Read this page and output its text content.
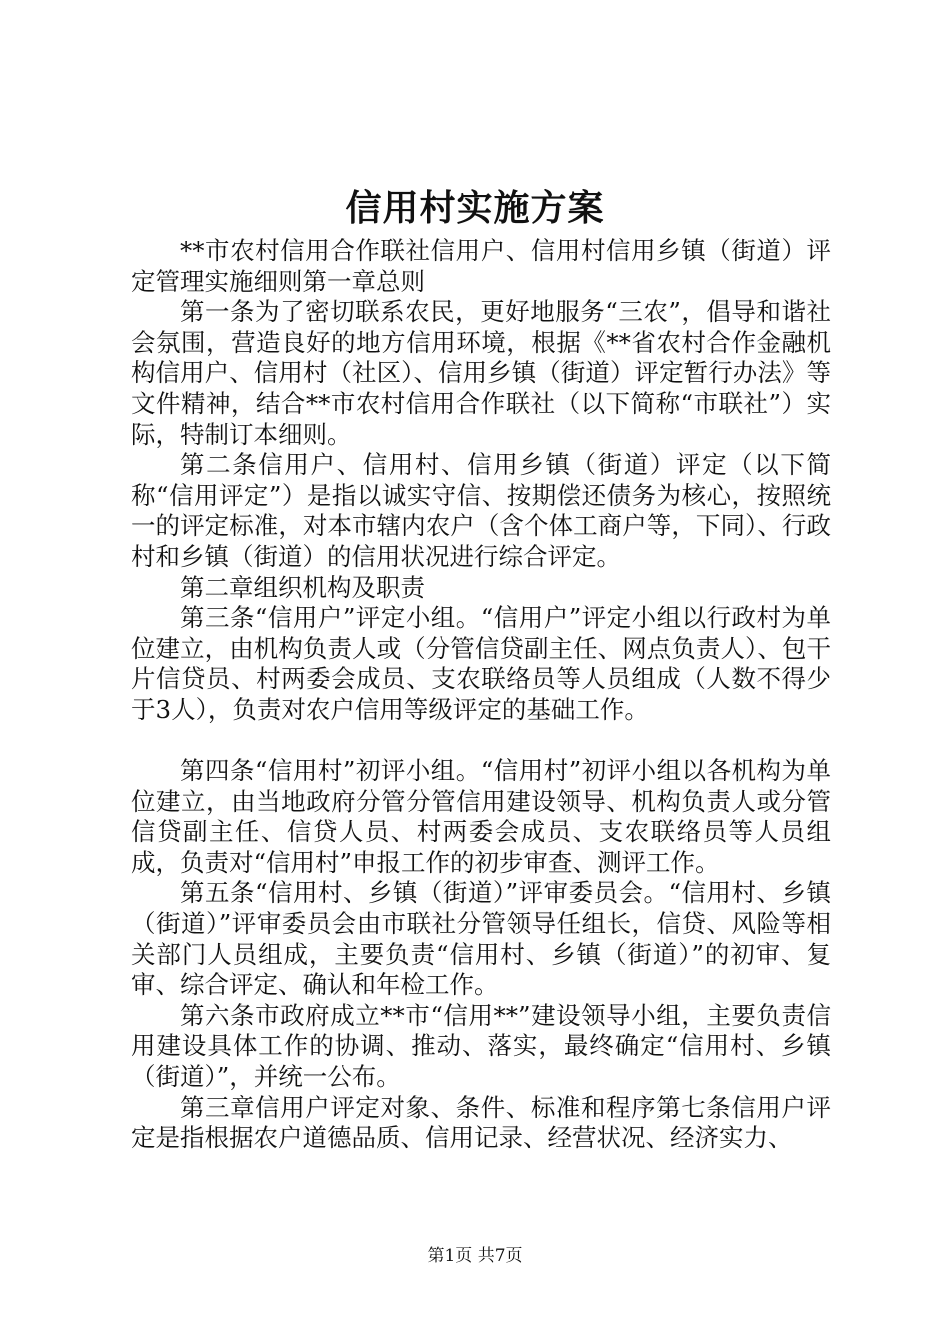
信用村实施方案

**市农村信用合作联社信用户、信用村信用乡镇（街道）评定管理实施细则第一章总则

第一条为了密切联系农民，更好地服务“三农”，倡导和谐社会氛围，营造良好的地方信用环境，根据《**省农村合作金融机构信用户、信用村（社区）、信用乡镇（街道）评定暂行办法》等文件精神，结合**市农村信用合作联社（以下简称“市联社”）实际，特制订本细则。

第二条信用户、信用村、信用乡镇（街道）评定（以下简称“信用评定”）是指以诚实守信、按期偿还债务为核心，按照统一的评定标准，对本市辖内农户（含个体工商户等，下同）、行政村和乡镇（街道）的信用状况进行综合评定。

第二章组织机构及职责

第三条“信用户”评定小组。“信用户”评定小组以行政村为单位建立，由机构负责人或（分管信贷副主任、网点负责人）、包干片信贷员、村两委会成员、支农联络员等人员组成（人数不得少于3人），负责对农户信用等级评定的基础工作。

第四条“信用村”初评小组。“信用村”初评小组以各机构为单位建立，由当地政府分管分管信用建设领导、机构负责人或分管信贷副主任、信贷人员、村两委会成员、支农联络员等人员组成，负责对“信用村”申报工作的初步审查、测评工作。

第五条“信用村、乡镇（街道）”评审委员会。“信用村、乡镇（街道）”评审委员会由市联社分管领导任组长，信贷、风险等相关部门人员组成，主要负责“信用村、乡镇（街道）”的初审、复审、综合评定、确认和年检工作。

第六条市政府成立**市“信用**”建设领导小组，主要负责信用建设具体工作的协调、推动、落实，最终确定“信用村、乡镇（街道）”，并统一公布。

第三章信用户评定对象、条件、标准和程序第七条信用户评定是指根据农户道德品质、信用记录、经营状况、经济实力、

第1页 共7页
